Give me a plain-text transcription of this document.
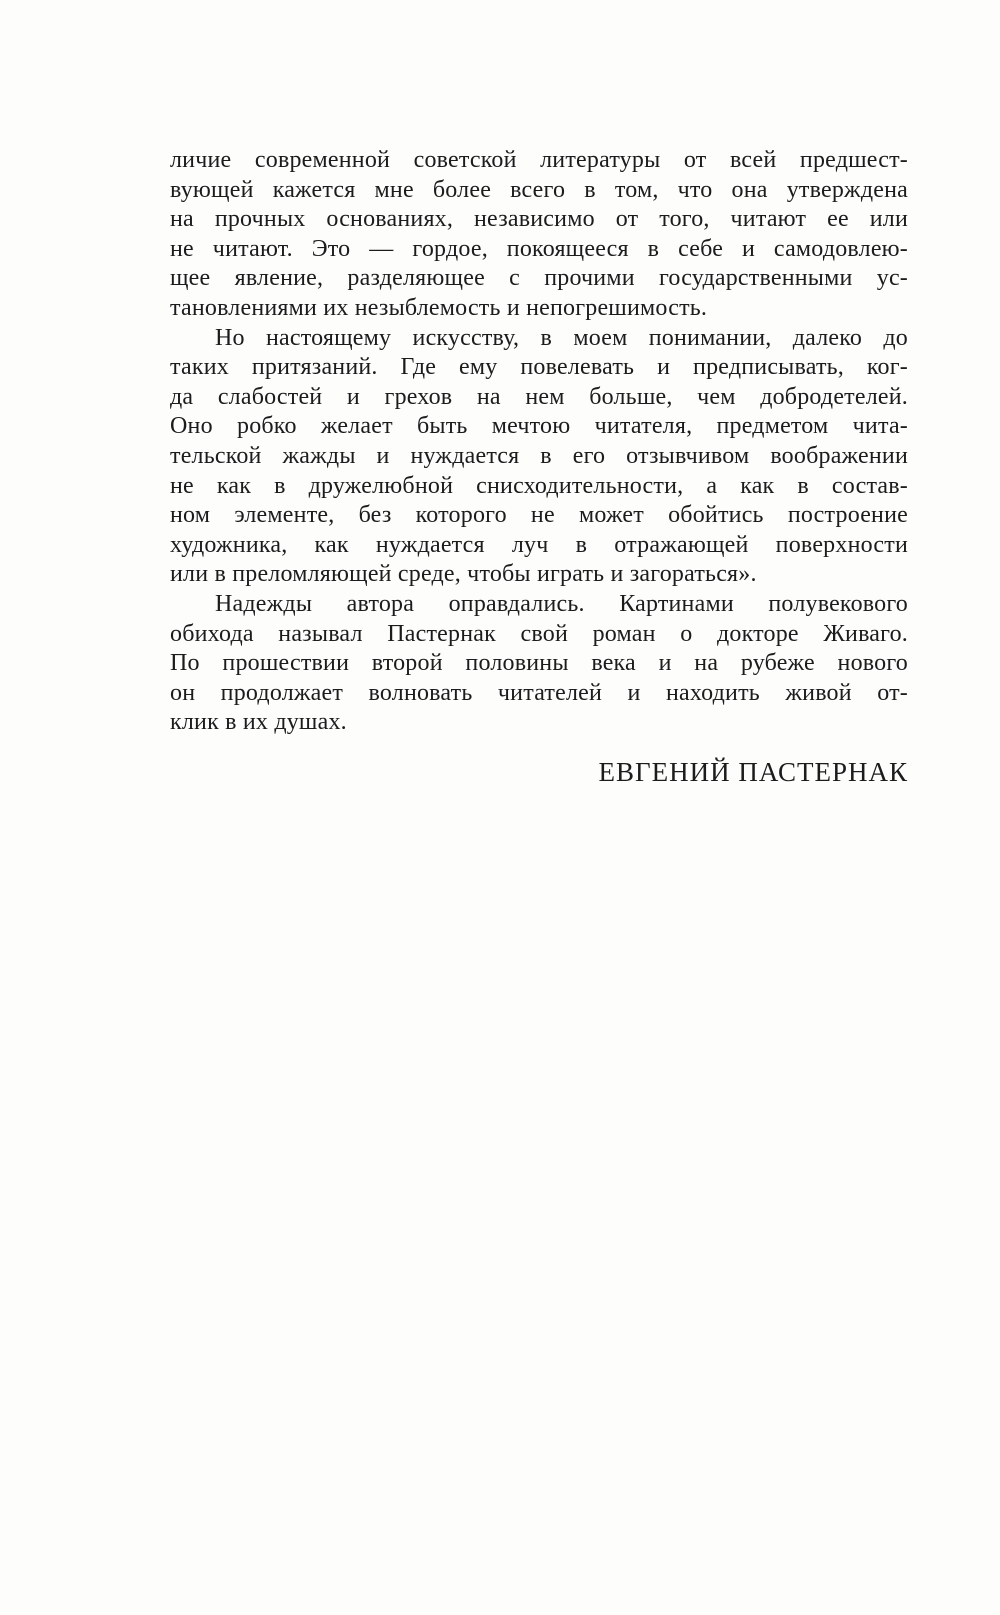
личие современной советской литературы от всей предшест-
вующей кажется мне более всего в том, что она утверждена
на прочных основаниях, независимо от того, читают ее или
не читают. Это — гордое, покоящееся в себе и самодовлею-
щее явление, разделяющее с прочими государственными ус-
тановлениями их незыблемость и непогрешимость.
Но настоящему искусству, в моем понимании, далеко до
таких притязаний. Где ему повелевать и предписывать, ког-
да слабостей и грехов на нем больше, чем добродетелей.
Оно робко желает быть мечтою читателя, предметом чита-
тельской жажды и нуждается в его отзывчивом воображении
не как в дружелюбной снисходительности, а как в состав-
ном элементе, без которого не может обойтись построение
художника, как нуждается луч в отражающей поверхности
или в преломляющей среде, чтобы играть и загораться».
Надежды автора оправдались. Картинами полувекового
обихода называл Пастернак свой роман о докторе Живаго.
По прошествии второй половины века и на рубеже нового
он продолжает волновать читателей и находить живой от-
клик в их душах.
ЕВГЕНИЙ ПАСТЕРНАК
